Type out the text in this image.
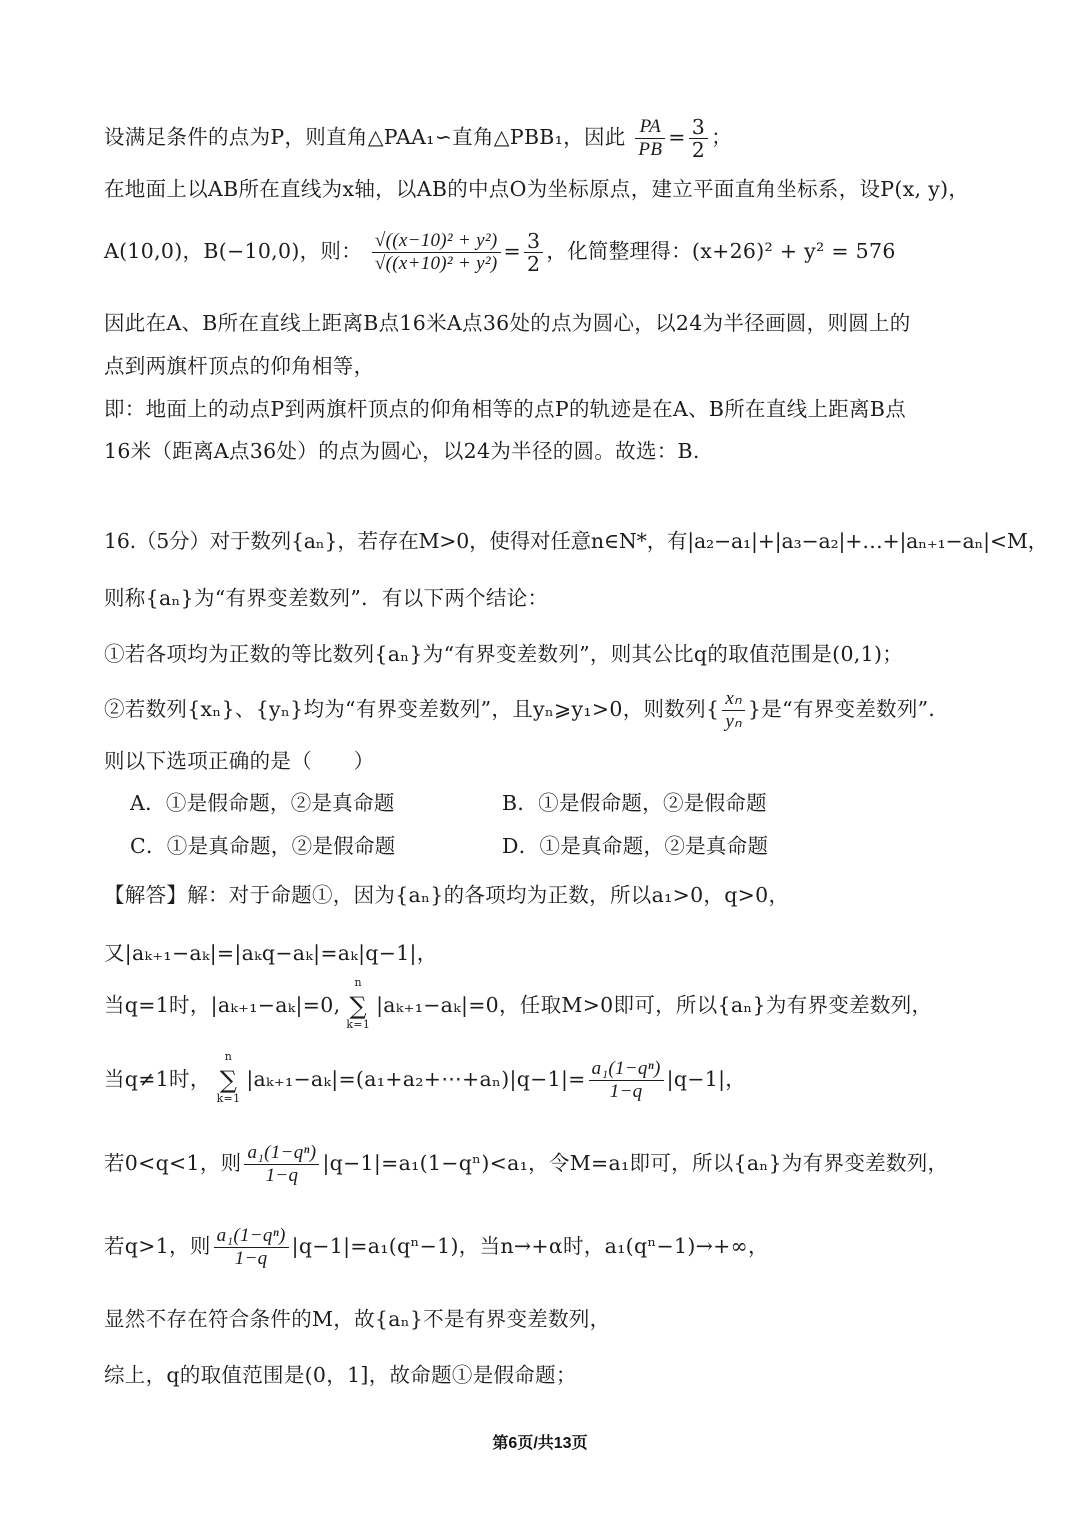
设满足条件的点为P，则直角△PAA₁∽直角△PBB₁，因此 $\frac{PA}{PB} = \frac{3}{2}$ ；
在地面上以AB所在直线为x轴，以AB的中点O为坐标原点，建立平面直角坐标系，设P(x, y)，
A(10,0)，B(−10,0)，则： $\frac{\text{√((x−10)² + y²)}}{\text{√((x+10)² + y²)}} = \frac{3}{2}$ ，化简整理得：(x+26)² + y² = 576
因此在A、B所在直线上距离B点16米A点36处的点为圆心，以24为半径画圆，则圆上的
点到两旗杆顶点的仰角相等，
即：地面上的动点P到两旗杆顶点的仰角相等的点P的轨迹是在A、B所在直线上距离B点
16米（距离A点36处）的点为圆心，以24为半径的圆。故选：B.
16.（5分）对于数列{aₙ}，若存在M>0，使得对任意n∈N*，有|a₂−a₁|+|a₃−a₂|+…+|aₙ₊₁−aₙ|<M，
则称{aₙ}为“有界变差数列”．有以下两个结论：
①若各项均为正数的等比数列{aₙ}为“有界变差数列”，则其公比q的取值范围是(0,1)；
②若数列{xₙ}、{yₙ}均为“有界变差数列”，且yₙ⩾y₁>0，则数列{ $\frac{\text{xₙ}}{\text{yₙ}}$ }是“有界变差数列”．
则以下选项正确的是（　　）
A．①是假命题，②是真命题	B．①是假命题，②是假命题
C．①是真命题，②是假命题	D．①是真命题，②是真命题
【解答】解：对于命题①，因为{aₙ}的各项均为正数，所以a₁>0，q>0，
又|aₖ₊₁−aₖ|=|aₖq−aₖ|=aₖ|q−1|，
当q=1时，|aₖ₊₁−aₖ|=0,
n
∑
k=1
|aₖ₊₁−aₖ|=0，任取M>0即可，所以{aₙ}为有界变差数列，
当q≠1时，
n
∑
k=1
|aₖ₊₁−aₖ|=(a₁+a₂+⋯+aₙ)|q−1|= $\frac{\text{a₁(1−qⁿ)}}{1-q} |q-1|$，
若0<q<1，则 $\frac{\text{a₁(1−qⁿ)}}{1-q} |q-1|=a_1(1-q^n)<a_1$，令M=a₁即可，所以{aₙ}为有界变差数列，
若q>1，则 $\frac{\text{a₁(1−qⁿ)}}{1-q} |q-1|=a_1(q^n-1)$，当n→+α时，a₁(qⁿ−1)→+∞，
显然不存在符合条件的M，故{aₙ}不是有界变差数列，
综上，q的取值范围是(0，1]，故命题①是假命题；
第6页/共13页
